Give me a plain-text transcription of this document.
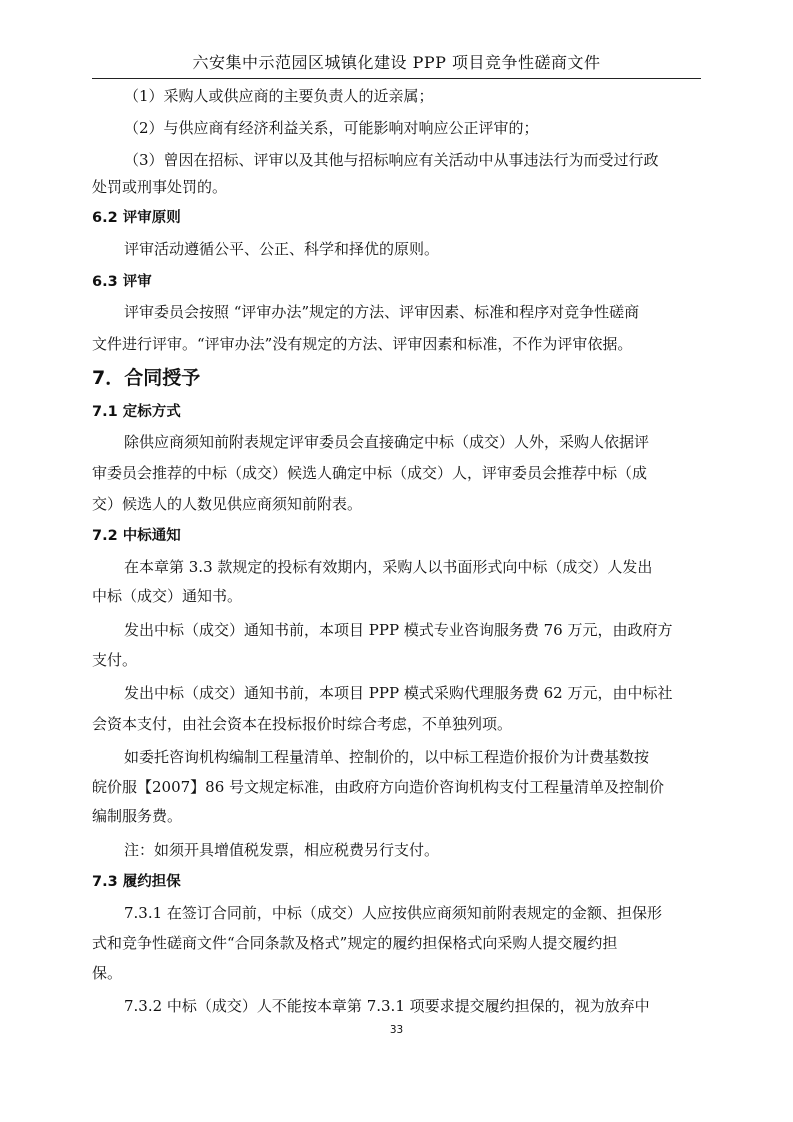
六安集中示范园区城镇化建设 PPP 项目竞争性磋商文件
（1）采购人或供应商的主要负责人的近亲属；
（2）与供应商有经济利益关系，可能影响对响应公正评审的；
（3）曾因在招标、评审以及其他与招标响应有关活动中从事违法行为而受过行政
处罚或刑事处罚的。
6.2 评审原则
评审活动遵循公平、公正、科学和择优的原则。
6.3 评审
评审委员会按照 “评审办法”规定的方法、评审因素、标准和程序对竞争性磋商
文件进行评审。“评审办法”没有规定的方法、评审因素和标准，不作为评审依据。
7．合同授予
7.1 定标方式
除供应商须知前附表规定评审委员会直接确定中标（成交）人外，采购人依据评
审委员会推荐的中标（成交）候选人确定中标（成交）人，评审委员会推荐中标（成
交）候选人的人数见供应商须知前附表。
7.2 中标通知
在本章第 3.3 款规定的投标有效期内，采购人以书面形式向中标（成交）人发出
中标（成交）通知书。
发出中标（成交）通知书前，本项目 PPP 模式专业咨询服务费 76 万元，由政府方
支付。
发出中标（成交）通知书前，本项目 PPP 模式采购代理服务费 62 万元，由中标社
会资本支付，由社会资本在投标报价时综合考虑，不单独列项。
如委托咨询机构编制工程量清单、控制价的，以中标工程造价报价为计费基数按
皖价服【2007】86 号文规定标准，由政府方向造价咨询机构支付工程量清单及控制价
编制服务费。
注：如须开具增值税发票，相应税费另行支付。
7.3 履约担保
7.3.1 在签订合同前，中标（成交）人应按供应商须知前附表规定的金额、担保形
式和竞争性磋商文件“合同条款及格式”规定的履约担保格式向采购人提交履约担
保。
7.3.2 中标（成交）人不能按本章第 7.3.1 项要求提交履约担保的，视为放弃中
33
